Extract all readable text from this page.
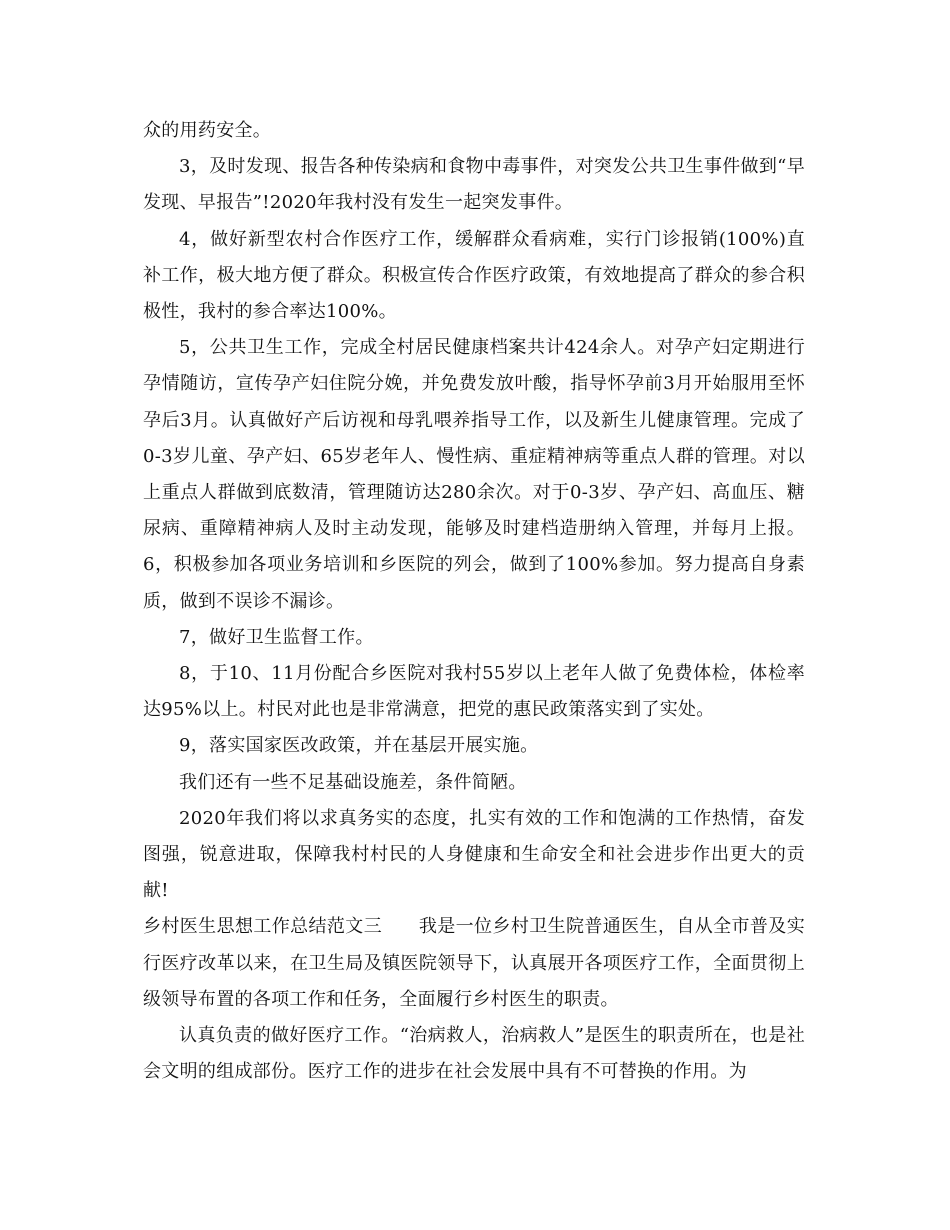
众的用药安全。

3，及时发现、报告各种传染病和食物中毒事件，对突发公共卫生事件做到“早发现、早报告”!2020年我村没有发生一起突发事件。

4，做好新型农村合作医疗工作，缓解群众看病难，实行门诊报销(100%)直补工作，极大地方便了群众。积极宣传合作医疗政策，有效地提高了群众的参合积极性，我村的参合率达100%。

5，公共卫生工作，完成全村居民健康档案共计424余人。对孕产妇定期进行孕情随访，宣传孕产妇住院分娩，并免费发放叶酸，指导怀孕前3月开始服用至怀孕后3月。认真做好产后访视和母乳喂养指导工作，以及新生儿健康管理。完成了0-3岁儿童、孕产妇、65岁老年人、慢性病、重症精神病等重点人群的管理。对以上重点人群做到底数清，管理随访达280余次。对于0-3岁、孕产妇、高血压、糖尿病、重障精神病人及时主动发现，能够及时建档造册纳入管理，并每月上报。6，积极参加各项业务培训和乡医院的列会，做到了100%参加。努力提高自身素质，做到不误诊不漏诊。

7，做好卫生监督工作。

8，于10、11月份配合乡医院对我村55岁以上老年人做了免费体检，体检率达95%以上。村民对此也是非常满意，把党的惠民政策落实到了实处。

9，落实国家医改政策，并在基层开展实施。

我们还有一些不足基础设施差，条件简陋。

2020年我们将以求真务实的态度，扎实有效的工作和饱满的工作热情，奋发图强，锐意进取，保障我村村民的人身健康和生命安全和社会进步作出更大的贡献!

乡村医生思想工作总结范文三　　我是一位乡村卫生院普通医生，自从全市普及实行医疗改革以来，在卫生局及镇医院领导下，认真展开各项医疗工作，全面贯彻上级领导布置的各项工作和任务，全面履行乡村医生的职责。

认真负责的做好医疗工作。“治病救人，治病救人”是医生的职责所在，也是社会文明的组成部份。医疗工作的进步在社会发展中具有不可替换的作用。为
